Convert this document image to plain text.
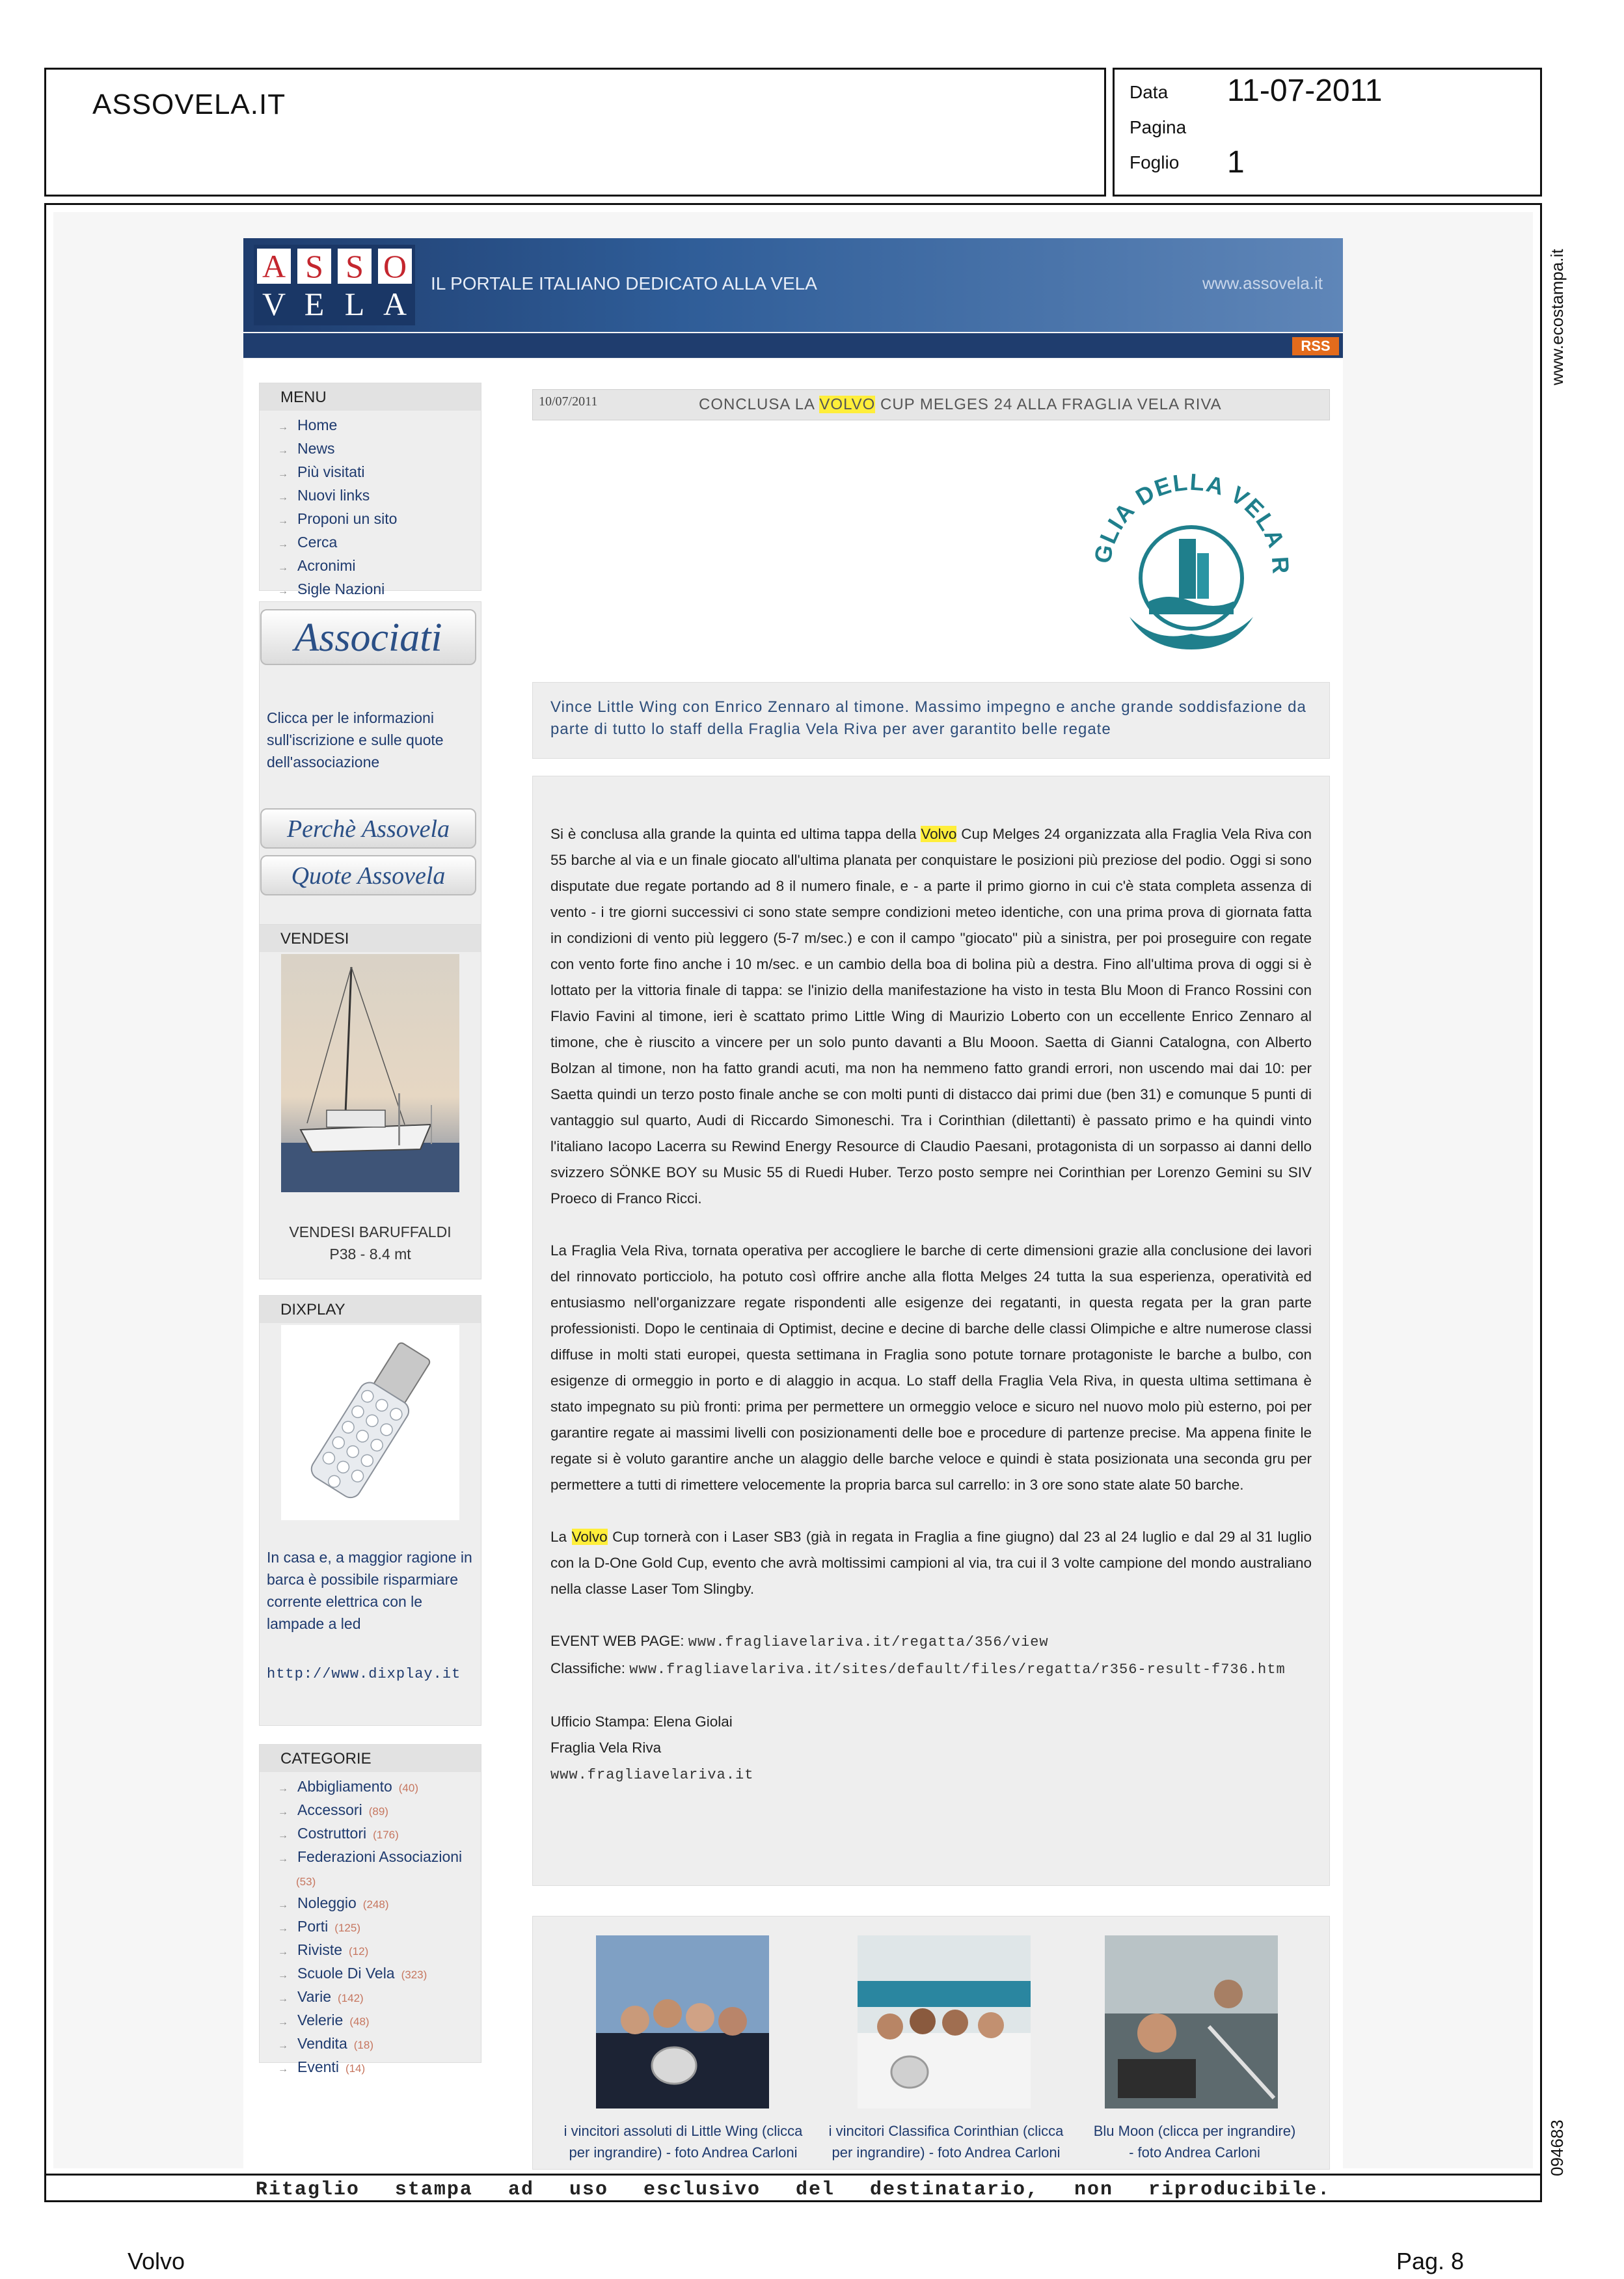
ASSOVELA.IT	Data 11-07-2011
Pagina
Foglio 1
www.ecostampa.it
094683
A S S O
V E L A
IL PORTALE ITALIANO DEDICATO ALLA VELA	www.assovela.it
RSS
MENU
→ Home
→ News
→ Più visitati
→ Nuovi links
→ Proponi un sito
→ Cerca
→ Acronimi
→ Sigle Nazioni
Associati
Clicca per le informazioni sull'iscrizione e sulle quote dell'associazione
Perchè Assovela
Quote Assovela
VENDESI
VENDESI BARUFFALDI
P38 - 8.4 mt
DIXPLAY
In casa e, a maggior ragione in barca è possibile risparmiare corrente elettrica con le lampade a led
http://www.dixplay.it
CATEGORIE
→ Abbigliamento (40)
→ Accessori (89)
→ Costruttori (176)
→ Federazioni Associazioni
(53)
→ Noleggio (248)
→ Porti (125)
→ Riviste (12)
→ Scuole Di Vela (323)
→ Varie (142)
→ Velerie (48)
→ Vendita (18)
→ Eventi (14)
10/07/2011	CONCLUSA LA VOLVO CUP MELGES 24 ALLA FRAGLIA VELA RIVA
GLIA DELLA VELA R
Vince Little Wing con Enrico Zennaro al timone. Massimo impegno e anche grande soddisfazione da parte di tutto lo staff della Fraglia Vela Riva per aver garantito belle regate

Si è conclusa alla grande la quinta ed ultima tappa della Volvo Cup Melges 24 organizzata alla Fraglia Vela Riva con 55 barche al via e un finale giocato all'ultima planata per conquistare le posizioni più preziose del podio. Oggi si sono disputate due regate portando ad 8 il numero finale, e - a parte il primo giorno in cui c'è stata completa assenza di vento - i tre giorni successivi ci sono state sempre condizioni meteo identiche, con una prima prova di giornata fatta in condizioni di vento più leggero (5-7 m/sec.) e con il campo "giocato" più a sinistra, per poi proseguire con regate con vento forte fino anche i 10 m/sec. e un cambio della boa di bolina più a destra. Fino all'ultima prova di oggi si è lottato per la vittoria finale di tappa: se l'inizio della manifestazione ha visto in testa Blu Moon di Franco Rossini con Flavio Favini al timone, ieri è scattato primo Little Wing di Maurizio Loberto con un eccellente Enrico Zennaro al timone, che è riuscito a vincere per un solo punto davanti a Blu Mooon. Saetta di Gianni Catalogna, con Alberto Bolzan al timone, non ha fatto grandi acuti, ma non ha nemmeno fatto grandi errori, non uscendo mai dai 10: per Saetta quindi un terzo posto finale anche se con molti punti di distacco dai primi due (ben 31) e comunque 5 punti di vantaggio sul quarto, Audi di Riccardo Simoneschi. Tra i Corinthian (dilettanti) è passato primo e ha quindi vinto l'italiano Iacopo Lacerra su Rewind Energy Resource di Claudio Paesani, protagonista di un sorpasso ai danni dello svizzero SÖNKE BOY su Music 55 di Ruedi Huber. Terzo posto sempre nei Corinthian per Lorenzo Gemini su SIV Proeco di Franco Ricci.

La Fraglia Vela Riva, tornata operativa per accogliere le barche di certe dimensioni grazie alla conclusione dei lavori del rinnovato porticciolo, ha potuto così offrire anche alla flotta Melges 24 tutta la sua esperienza, operatività ed entusiasmo nell'organizzare regate rispondenti alle esigenze dei regatanti, in questa regata per la gran parte professionisti. Dopo le centinaia di Optimist, decine e decine di barche delle classi Olimpiche e altre numerose classi diffuse in molti stati europei, questa settimana in Fraglia sono potute tornare protagoniste le barche a bulbo, con esigenze di ormeggio in porto e di alaggio in acqua. Lo staff della Fraglia Vela Riva, in questa ultima settimana è stato impegnato su più fronti: prima per permettere un ormeggio veloce e sicuro nel nuovo molo più esterno, poi per garantire regate ai massimi livelli con posizionamenti delle boe e procedure di partenze precise. Ma appena finite le regate si è voluto garantire anche un alaggio delle barche veloce e quindi è stata posizionata una seconda gru per permettere a tutti di rimettere velocemente la propria barca sul carrello: in 3 ore sono state alate 50 barche.

La Volvo Cup tornerà con i Laser SB3 (già in regata in Fraglia a fine giugno) dal 23 al 24 luglio e dal 29 al 31 luglio con la D-One Gold Cup, evento che avrà moltissimi campioni al via, tra cui il 3 volte campione del mondo australiano nella classe Laser Tom Slingby.

EVENT WEB PAGE: www.fragliavelariva.it/regatta/356/view
Classifiche: www.fragliavelariva.it/sites/default/files/regatta/r356-result-f736.htm

Ufficio Stampa: Elena Giolai
Fraglia Vela Riva
www.fragliavelariva.it

i vincitori assoluti di Little Wing (clicca
per ingrandire) - foto Andrea Carloni
i vincitori Classifica Corinthian (clicca
per ingrandire) - foto Andrea Carloni
Blu Moon (clicca per ingrandire)
- foto Andrea Carloni
Ritaglio stampa ad uso esclusivo del destinatario, non riproducibile.
Volvo	Pag. 8
